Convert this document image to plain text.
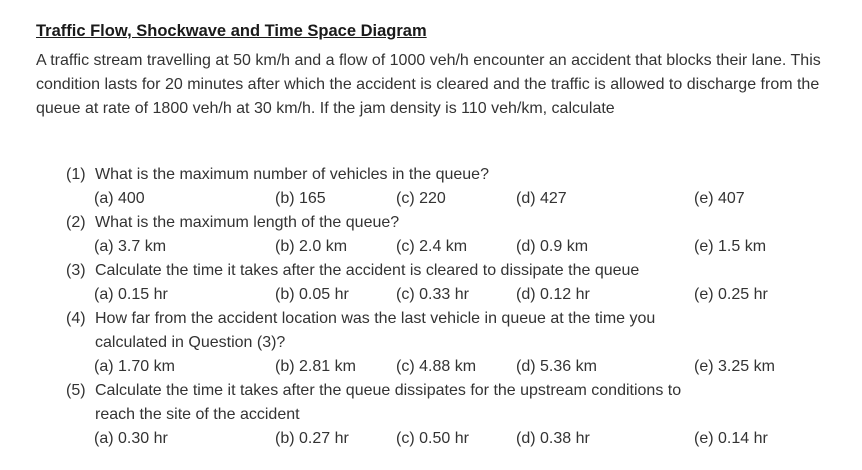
Traffic Flow, Shockwave and Time Space Diagram
A traffic stream travelling at 50 km/h and a flow of 1000 veh/h encounter an accident that blocks their lane. This condition lasts for 20 minutes after which the accident is cleared and the traffic is allowed to discharge from the queue at rate of 1800 veh/h at 30 km/h. If the jam density is 110 veh/km, calculate
(1) What is the maximum number of vehicles in the queue?
(a) 400	(b) 165	(c) 220	(d) 427	(e) 407
(2) What is the maximum length of the queue?
(a) 3.7 km	(b) 2.0 km	(c) 2.4 km	(d) 0.9 km	(e) 1.5 km
(3) Calculate the time it takes after the accident is cleared to dissipate the queue
(a) 0.15 hr	(b) 0.05 hr	(c) 0.33 hr	(d) 0.12 hr	(e) 0.25 hr
(4) How far from the accident location was the last vehicle in queue at the time you
calculated in Question (3)?
(a) 1.70 km	(b) 2.81 km	(c) 4.88 km (d) 5.36 km	(e) 3.25 km
(5) Calculate the time it takes after the queue dissipates for the upstream conditions to
reach the site of the accident
(a) 0.30 hr	(b) 0.27 hr	(c) 0.50 hr	(d) 0.38 hr	(e) 0.14 hr
